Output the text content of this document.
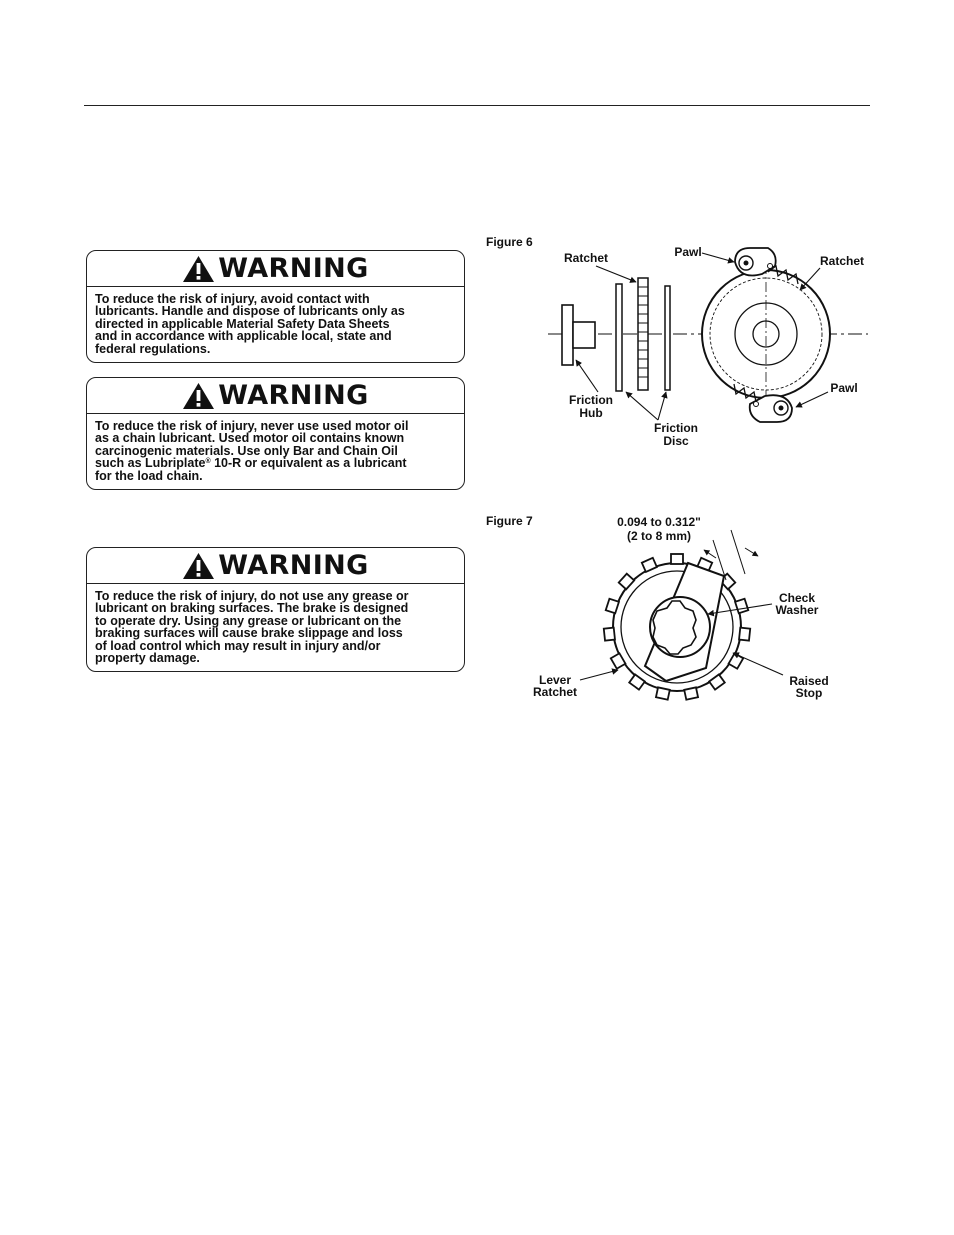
WARNING
To reduce the risk of injury, avoid contact with
lubricants. Handle and dispose of lubricants only as
directed in applicable Material Safety Data Sheets
and in accordance with applicable local, state and
federal regulations.
WARNING
To reduce the risk of injury, never use used motor oil
as a chain lubricant. Used motor oil contains known
carcinogenic materials. Use only Bar and Chain Oil
such as Lubriplate® 10-R or equivalent as a lubricant
for the load chain.
WARNING
To reduce the risk of injury, do not use any grease or
lubricant on braking surfaces. The brake is designed
to operate dry. Using any grease or lubricant on the
braking surfaces will cause brake slippage and loss
of load control which may result in injury and/or
property damage.
Figure 6
Ratchet	Pawl
Ratchet
Pawl
Friction
Hub
Friction
Disc
Figure 7	0.094 to 0.312"
(2 to 8 mm)
Check
Washer
Lever
Ratchet
Raised
Stop
